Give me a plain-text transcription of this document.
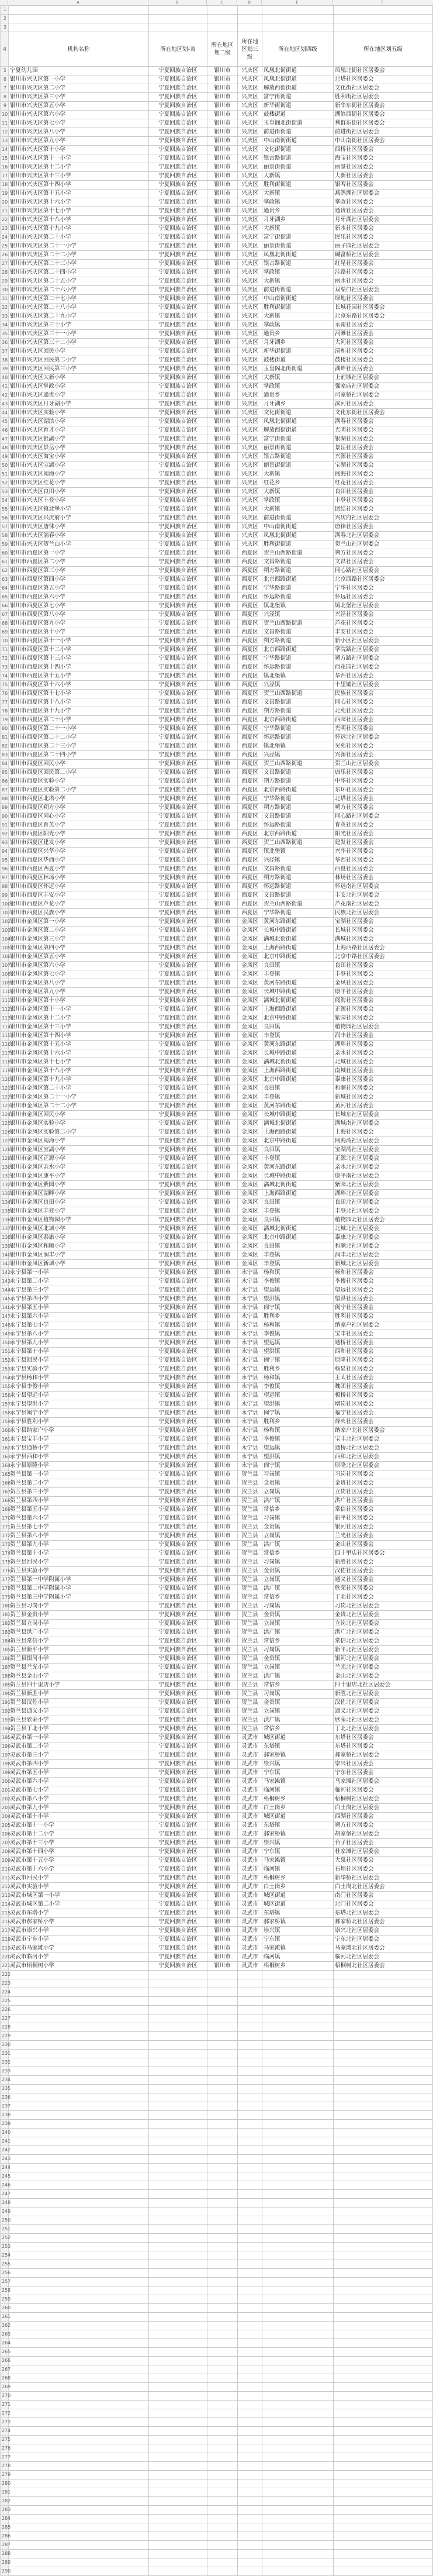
A	B	C	D	E	F
1						
2						
3						
4	机构名称	所在地区划-省	所在地区划二级	所在地区划三级	所在地区划四级	所在地区划五级
5	宁夏幼儿园	宁夏回族自治区	银川市	兴庆区	凤凰北街街道	凤凰北街社区居委会
6	银川市兴庆区第一小学	宁夏回族自治区	银川市	兴庆区	凤凰北街街道	北塔社区居委会
7	银川市兴庆区第二小学	宁夏回族自治区	银川市	兴庆区	解放西街街道	文化街社区居委会
8	银川市兴庆区第三小学	宁夏回族自治区	银川市	兴庆区	富宁街街道	胜利街社区居委会
9	银川市兴庆区第五小学	宁夏回族自治区	银川市	兴庆区	新华街街道	新华东街社区居委会
10	银川市兴庆区第六小学	宁夏回族自治区	银川市	兴庆区	鼓楼街道	湖滨西街社区居委会
11	银川市兴庆区第七小学	宁夏回族自治区	银川市	兴庆区	玉皇阁北街街道	利群东街社区居委会
12	银川市兴庆区第八小学	宁夏回族自治区	银川市	兴庆区	前进街街道	前进街社区居委会
13	银川市兴庆区第九小学	宁夏回族自治区	银川市	兴庆区	中山南街街道	中山南街社区居委会
14	银川市兴庆区第十小学	宁夏回族自治区	银川市	兴庆区	文化街街道	西桥社区居委会
15	银川市兴庆区第十一小学	宁夏回族自治区	银川市	兴庆区	银古路街道	海宝社区居委会
16	银川市兴庆区第十二小学	宁夏回族自治区	银川市	兴庆区	丽景街街道	丽景社区居委会
17	银川市兴庆区第十三小学	宁夏回族自治区	银川市	兴庆区	大新镇	大新社区居委会
18	银川市兴庆区第十四小学	宁夏回族自治区	银川市	兴庆区	胜利街街道	银啤社区居委会
19	银川市兴庆区第十五小学	宁夏回族自治区	银川市	兴庆区	大新镇	燕鸽湖社区居委会
20	银川市兴庆区第十六小学	宁夏回族自治区	银川市	兴庆区	掌政镇	掌政社区居委会
21	银川市兴庆区第十七小学	宁夏回族自治区	银川市	兴庆区	通贵乡	通贵社区居委会
22	银川市兴庆区第十八小学	宁夏回族自治区	银川市	兴庆区	月牙湖乡	月牙湖社区居委会
23	银川市兴庆区第十九小学	宁夏回族自治区	银川市	兴庆区	大新镇	新水社区居委会
24	银川市兴庆区第二十小学	宁夏回族自治区	银川市	兴庆区	富宁街街道	民乐社区居委会
25	银川市兴庆区第二十一小学	宁夏回族自治区	银川市	兴庆区	丽景街街道	丽子园社区居委会
26	银川市兴庆区第二十二小学	宁夏回族自治区	银川市	兴庆区	凤凰北街街道	碱富桥社区居委会
27	银川市兴庆区第二十三小学	宁夏回族自治区	银川市	兴庆区	银古路街道	红星社区居委会
28	银川市兴庆区第二十四小学	宁夏回族自治区	银川市	兴庆区	掌政镇	洼路社区居委会
29	银川市兴庆区第二十五小学	宁夏回族自治区	银川市	兴庆区	大新镇	丽水社区居委会
30	银川市兴庆区第二十六小学	宁夏回族自治区	银川市	兴庆区	前进街街道	双渠口社区居委会
31	银川市兴庆区第二十七小学	宁夏回族自治区	银川市	兴庆区	中山南街街道	绿地社区居委会
32	银川市兴庆区第二十八小学	宁夏回族自治区	银川市	兴庆区	胜利街街道	长城花园社区居委会
33	银川市兴庆区第二十九小学	宁夏回族自治区	银川市	兴庆区	大新镇	北京东路社区居委会
34	银川市兴庆区第三十小学	宁夏回族自治区	银川市	兴庆区	掌政镇	永南社区居委会
35	银川市兴庆区第三十一小学	宁夏回族自治区	银川市	兴庆区	通贵乡	河滩社区居委会
36	银川市兴庆区第三十二小学	宁夏回族自治区	银川市	兴庆区	月牙湖乡	大河社区居委会
37	银川市兴庆区回民小学	宁夏回族自治区	银川市	兴庆区	新华街街道	清和社区居委会
38	银川市兴庆区回民第二小学	宁夏回族自治区	银川市	兴庆区	鼓楼街道	鼓楼社区居委会
39	银川市兴庆区回民第三小学	宁夏回族自治区	银川市	兴庆区	玉皇阁北街街道	湖畔社区居委会
40	银川市兴庆区大新小学	宁夏回族自治区	银川市	兴庆区	大新镇	上前城社区居委会
41	银川市兴庆区掌政小学	宁夏回族自治区	银川市	兴庆区	掌政镇	强家庙社区居委会
42	银川市兴庆区通贵小学	宁夏回族自治区	银川市	兴庆区	通贵乡	司家桥社区居委会
43	银川市兴庆区月牙湖小学	宁夏回族自治区	银川市	兴庆区	月牙湖乡	滨河社区居委会
44	银川市兴庆区实验小学	宁夏回族自治区	银川市	兴庆区	文化街街道	文化东街社区居委会
45	银川市兴庆区湖滨小学	宁夏回族自治区	银川市	兴庆区	凤凰北街街道	满春社区居委会
46	银川市兴庆区育才小学	宁夏回族自治区	银川市	兴庆区	解放西街街道	光明社区居委会
47	银川市兴庆区银湖小学	宁夏回族自治区	银川市	兴庆区	富宁街街道	银湖社区居委会
48	银川市兴庆区景岳小学	宁夏回族自治区	银川市	兴庆区	丽景街街道	景岳社区居委会
49	银川市兴庆区海宝小学	宁夏回族自治区	银川市	兴庆区	银古路街道	兴源社区居委会
50	银川市兴庆区宝湖小学	宁夏回族自治区	银川市	兴庆区	丽景街街道	宝湖社区居委会
51	银川市兴庆区阅海小学	宁夏回族自治区	银川市	兴庆区	大新镇	阅海社区居委会
52	银川市兴庆区红花小学	宁夏回族自治区	银川市	兴庆区	红花乡	红花社区居委会
53	银川市兴庆区良田小学	宁夏回族自治区	银川市	兴庆区	大新镇	良田社区居委会
54	银川市兴庆区丰登小学	宁夏回族自治区	银川市	兴庆区	掌政镇	丰登社区居委会
55	银川市兴庆区镇北堡小学	宁夏回族自治区	银川市	兴庆区	大新镇	团结社区居委会
56	银川市兴庆区兴庆府小学	宁夏回族自治区	银川市	兴庆区	前进街街道	兴庆府社区居委会
57	银川市兴庆区唐徕小学	宁夏回族自治区	银川市	兴庆区	中山南街街道	唐徕社区居委会
58	银川市兴庆区满春小学	宁夏回族自治区	银川市	兴庆区	凤凰北街街道	满春北社区居委会
59	银川市兴庆区贺兰山小学	宁夏回族自治区	银川市	兴庆区	胜利街街道	贺兰山社区居委会
60	银川市西夏区第一小学	宁夏回族自治区	银川市	西夏区	贺兰山西路街道	朔方社区居委会
61	银川市西夏区第二小学	宁夏回族自治区	银川市	西夏区	文昌路街道	文昌社区居委会
62	银川市西夏区第三小学	宁夏回族自治区	银川市	西夏区	朔方路街道	同心路社区居委会
63	银川市西夏区第四小学	宁夏回族自治区	银川市	西夏区	北京西路街道	北京西路社区居委会
64	银川市西夏区第五小学	宁夏回族自治区	银川市	西夏区	宁华路街道	宁华社区居委会
65	银川市西夏区第六小学	宁夏回族自治区	银川市	西夏区	怀远路街道	怀远社区居委会
66	银川市西夏区第七小学	宁夏回族自治区	银川市	西夏区	镇北堡镇	镇北堡社区居委会
67	银川市西夏区第八小学	宁夏回族自治区	银川市	西夏区	兴泾镇	兴泾社区居委会
68	银川市西夏区第九小学	宁夏回族自治区	银川市	西夏区	贺兰山西路街道	芦花社区居委会
69	银川市西夏区第十小学	宁夏回族自治区	银川市	西夏区	文昌路街道	丰安社区居委会
70	银川市西夏区第十一小学	宁夏回族自治区	银川市	西夏区	朔方路街道	新小区社区居委会
71	银川市西夏区第十二小学	宁夏回族自治区	银川市	西夏区	北京西路街道	学院路社区居委会
72	银川市西夏区第十三小学	宁夏回族自治区	银川市	西夏区	宁华路街道	朔方路社区居委会
73	银川市西夏区第十四小学	宁夏回族自治区	银川市	西夏区	怀远路街道	西花园社区居委会
74	银川市西夏区第十五小学	宁夏回族自治区	银川市	西夏区	镇北堡镇	华西社区居委会
75	银川市西夏区第十六小学	宁夏回族自治区	银川市	西夏区	兴泾镇	十里铺社区居委会
76	银川市西夏区第十七小学	宁夏回族自治区	银川市	西夏区	贺兰山西路街道	民族社区居委会
77	银川市西夏区第十八小学	宁夏回族自治区	银川市	西夏区	文昌路街道	同心社区居委会
78	银川市西夏区第十九小学	宁夏回族自治区	银川市	西夏区	朔方路街道	北苑社区居委会
79	银川市西夏区第二十小学	宁夏回族自治区	银川市	西夏区	北京西路街道	西园社区居委会
80	银川市西夏区第二十一小学	宁夏回族自治区	银川市	西夏区	宁华路街道	光明社区居委会
81	银川市西夏区第二十二小学	宁夏回族自治区	银川市	西夏区	怀远路街道	怀远北社区居委会
82	银川市西夏区第二十三小学	宁夏回族自治区	银川市	西夏区	镇北堡镇	吴苑社区居委会
83	银川市西夏区第二十四小学	宁夏回族自治区	银川市	西夏区	兴泾镇	兴源社区居委会
84	银川市西夏区回民小学	宁夏回族自治区	银川市	西夏区	贺兰山西路街道	贺兰山社区居委会
85	银川市西夏区回民第二小学	宁夏回族自治区	银川市	西夏区	文昌路街道	康乐社区居委会
86	银川市西夏区实验小学	宁夏回族自治区	银川市	西夏区	朔方路街道	中华社区居委会
87	银川市西夏区实验第二小学	宁夏回族自治区	银川市	西夏区	北京西路街道	东环社区居委会
88	银川市西夏区北塔小学	宁夏回族自治区	银川市	西夏区	宁华路街道	北塔社区居委会
89	银川市西夏区朔方小学	宁夏回族自治区	银川市	西夏区	朔方路街道	朔方社区居委会
90	银川市西夏区同心小学	宁夏回族自治区	银川市	西夏区	文昌路街道	同心路社区居委会
91	银川市西夏区育英小学	宁夏回族自治区	银川市	西夏区	怀远路街道	育英社区居委会
92	银川市西夏区阳光小学	宁夏回族自治区	银川市	西夏区	北京西路街道	阳光社区居委会
93	银川市西夏区建发小学	宁夏回族自治区	银川市	西夏区	贺兰山西路街道	建发社区居委会
94	银川市西夏区兴华小学	宁夏回族自治区	银川市	西夏区	镇北堡镇	兴华社区居委会
95	银川市西夏区华西小学	宁夏回族自治区	银川市	西夏区	兴泾镇	华西社区居委会
96	银川市西夏区西夏小学	宁夏回族自治区	银川市	西夏区	文昌路街道	西夏社区居委会
97	银川市西夏区林场小学	宁夏回族自治区	银川市	西夏区	朔方路街道	林场社区居委会
98	银川市西夏区怀远小学	宁夏回族自治区	银川市	西夏区	怀远路街道	怀远南社区居委会
99	银川市西夏区丰安小学	宁夏回族自治区	银川市	西夏区	文昌路街道	丰安北社区居委会
100	银川市西夏区芦花小学	宁夏回族自治区	银川市	西夏区	贺兰山西路街道	芦花南社区居委会
101	银川市西夏区民族小学	宁夏回族自治区	银川市	西夏区	宁华路街道	民族北社区居委会
102	银川市金凤区第一小学	宁夏回族自治区	银川市	金凤区	黄河东路街道	宝湖社区居委会
103	银川市金凤区第二小学	宁夏回族自治区	银川市	金凤区	长城中路街道	长城社区居委会
104	银川市金凤区第三小学	宁夏回族自治区	银川市	金凤区	满城北街街道	满城社区居委会
105	银川市金凤区第四小学	宁夏回族自治区	银川市	金凤区	上海西路街道	上海西路社区居委会
106	银川市金凤区第五小学	宁夏回族自治区	银川市	金凤区	北京中路街道	北京中路社区居委会
107	银川市金凤区第六小学	宁夏回族自治区	银川市	金凤区	良田镇	良田社区居委会
108	银川市金凤区第七小学	宁夏回族自治区	银川市	金凤区	丰登镇	丰登社区居委会
109	银川市金凤区第八小学	宁夏回族自治区	银川市	金凤区	黄河东路街道	金凤社区居委会
110	银川市金凤区第九小学	宁夏回族自治区	银川市	金凤区	长城中路街道	康平社区居委会
111	银川市金凤区第十小学	宁夏回族自治区	银川市	金凤区	满城北街街道	阅海社区居委会
112	银川市金凤区第十一小学	宁夏回族自治区	银川市	金凤区	上海西路街道	正源社区居委会
113	银川市金凤区第十二小学	宁夏回族自治区	银川市	金凤区	北京中路街道	紫园社区居委会
114	银川市金凤区第十三小学	宁夏回族自治区	银川市	金凤区	良田镇	植物园社区居委会
115	银川市金凤区第十四小学	宁夏回族自治区	银川市	金凤区	丰登镇	润丰社区居委会
116	银川市金凤区第十五小学	宁夏回族自治区	银川市	金凤区	黄河东路街道	湖畔社区居委会
117	银川市金凤区第十六小学	宁夏回族自治区	银川市	金凤区	长城中路街道	亲水社区居委会
118	银川市金凤区第十七小学	宁夏回族自治区	银川市	金凤区	满城北街街道	北城社区居委会
119	银川市金凤区第十八小学	宁夏回族自治区	银川市	金凤区	上海西路街道	南城社区居委会
120	银川市金凤区第十九小学	宁夏回族自治区	银川市	金凤区	北京中路街道	泰康社区居委会
121	银川市金凤区第二十小学	宁夏回族自治区	银川市	金凤区	良田镇	和顺社区居委会
122	银川市金凤区第二十一小学	宁夏回族自治区	银川市	金凤区	丰登镇	新城社区居委会
123	银川市金凤区第二十二小学	宁夏回族自治区	银川市	金凤区	黄河东路街道	黄河社区居委会
124	银川市金凤区回民小学	宁夏回族自治区	银川市	金凤区	长城中路街道	长城东社区居委会
125	银川市金凤区实验小学	宁夏回族自治区	银川市	金凤区	满城北街街道	满城南社区居委会
126	银川市金凤区实验第二小学	宁夏回族自治区	银川市	金凤区	上海西路街道	上海社区居委会
127	银川市金凤区阅海小学	宁夏回族自治区	银川市	金凤区	北京中路街道	阅海湾社区居委会
128	银川市金凤区宝湖小学	宁夏回族自治区	银川市	金凤区	良田镇	宝湖湾社区居委会
129	银川市金凤区正源小学	宁夏回族自治区	银川市	金凤区	丰登镇	正源北社区居委会
130	银川市金凤区亲水小学	宁夏回族自治区	银川市	金凤区	黄河东路街道	亲水北社区居委会
131	银川市金凤区康平小学	宁夏回族自治区	银川市	金凤区	长城中路街道	康平南社区居委会
132	银川市金凤区紫园小学	宁夏回族自治区	银川市	金凤区	满城北街街道	紫园北社区居委会
133	银川市金凤区湖畔小学	宁夏回族自治区	银川市	金凤区	上海西路街道	湖畔北社区居委会
134	银川市金凤区良田小学	宁夏回族自治区	银川市	金凤区	良田镇	良田北社区居委会
135	银川市金凤区丰登小学	宁夏回族自治区	银川市	金凤区	丰登镇	丰登北社区居委会
136	银川市金凤区植物园小学	宁夏回族自治区	银川市	金凤区	良田镇	植物园北社区居委会
137	银川市金凤区北城小学	宁夏回族自治区	银川市	金凤区	满城北街街道	北城北社区居委会
138	银川市金凤区泰康小学	宁夏回族自治区	银川市	金凤区	北京中路街道	泰康北社区居委会
139	银川市金凤区和顺小学	宁夏回族自治区	银川市	金凤区	良田镇	和顺北社区居委会
140	银川市金凤区润丰小学	宁夏回族自治区	银川市	金凤区	丰登镇	润丰北社区居委会
141	银川市金凤区新城小学	宁夏回族自治区	银川市	金凤区	丰登镇	新城北社区居委会
142	永宁县第一小学	宁夏回族自治区	银川市	永宁县	杨和镇	杨和社区居委会
143	永宁县第二小学	宁夏回族自治区	银川市	永宁县	李俊镇	李俊社区居委会
144	永宁县第三小学	宁夏回族自治区	银川市	永宁县	望远镇	望远社区居委会
145	永宁县第四小学	宁夏回族自治区	银川市	永宁县	望洪镇	望洪社区居委会
146	永宁县第五小学	宁夏回族自治区	银川市	永宁县	闽宁镇	闽宁社区居委会
147	永宁县第六小学	宁夏回族自治区	银川市	永宁县	胜利乡	胜利社区居委会
148	永宁县第七小学	宁夏回族自治区	银川市	永宁县	杨和镇	纳家户社区居委会
149	永宁县第八小学	宁夏回族自治区	银川市	永宁县	李俊镇	宝丰社区居委会
150	永宁县第九小学	宁夏回族自治区	银川市	永宁县	望远镇	通桥社区居委会
151	永宁县第十小学	宁夏回族自治区	银川市	永宁县	望洪镇	西和社区居委会
152	永宁县回民小学	宁夏回族自治区	银川市	永宁县	闽宁镇	原隆社区居委会
153	永宁县实验小学	宁夏回族自治区	银川市	永宁县	胜利乡	杨显社区居委会
154	永宁县杨和小学	宁夏回族自治区	银川市	永宁县	杨和镇	王太社区居委会
155	永宁县李俊小学	宁夏回族自治区	银川市	永宁县	李俊镇	魏团社区居委会
156	永宁县望远小学	宁夏回族自治区	银川市	永宁县	望远镇	板桥社区居委会
157	永宁县望洪小学	宁夏回族自治区	银川市	永宁县	望洪镇	增岗社区居委会
158	永宁县闽宁小学	宁夏回族自治区	银川市	永宁县	闽宁镇	福宁社区居委会
159	永宁县胜利小学	宁夏回族自治区	银川市	永宁县	胜利乡	烽火社区居委会
160	永宁县纳家户小学	宁夏回族自治区	银川市	永宁县	杨和镇	纳家户北社区居委会
161	永宁县宝丰小学	宁夏回族自治区	银川市	永宁县	李俊镇	宝丰北社区居委会
162	永宁县通桥小学	宁夏回族自治区	银川市	永宁县	望远镇	通桥北社区居委会
163	永宁县西和小学	宁夏回族自治区	银川市	永宁县	望洪镇	西和北社区居委会
164	永宁县原隆小学	宁夏回族自治区	银川市	永宁县	闽宁镇	原隆北社区居委会
165	贺兰县第一小学	宁夏回族自治区	银川市	贺兰县	习岗镇	习岗社区居委会
166	贺兰县第二小学	宁夏回族自治区	银川市	贺兰县	金贵镇	金贵社区居委会
167	贺兰县第三小学	宁夏回族自治区	银川市	贺兰县	立岗镇	立岗社区居委会
168	贺兰县第四小学	宁夏回族自治区	银川市	贺兰县	洪广镇	洪广社区居委会
169	贺兰县第五小学	宁夏回族自治区	银川市	贺兰县	常信乡	常信社区居委会
170	贺兰县第六小学	宁夏回族自治区	银川市	贺兰县	习岗镇	新平社区居委会
171	贺兰县第七小学	宁夏回族自治区	银川市	贺兰县	金贵镇	银河社区居委会
172	贺兰县第八小学	宁夏回族自治区	银川市	贺兰县	立岗镇	兰光社区居委会
173	贺兰县第九小学	宁夏回族自治区	银川市	贺兰县	洪广镇	金山社区居委会
174	贺兰县第十小学	宁夏回族自治区	银川市	贺兰县	常信乡	四十里店社区居委会
175	贺兰县回民小学	宁夏回族自治区	银川市	贺兰县	习岗镇	新胜社区居委会
176	贺兰县实验小学	宁夏回族自治区	银川市	贺兰县	金贵镇	汉佐社区居委会
177	贺兰县第一中学附属小学	宁夏回族自治区	银川市	贺兰县	立岗镇	通义社区居委会
178	贺兰县第二中学附属小学	宁夏回族自治区	银川市	贺兰县	洪广镇	欣荣社区居委会
179	贺兰县第三中学附属小学	宁夏回族自治区	银川市	贺兰县	常信乡	丁北社区居委会
180	贺兰县习岗小学	宁夏回族自治区	银川市	贺兰县	习岗镇	习岗北社区居委会
181	贺兰县金贵小学	宁夏回族自治区	银川市	贺兰县	金贵镇	金贵北社区居委会
182	贺兰县立岗小学	宁夏回族自治区	银川市	贺兰县	立岗镇	立岗北社区居委会
183	贺兰县洪广小学	宁夏回族自治区	银川市	贺兰县	洪广镇	洪广北社区居委会
184	贺兰县常信小学	宁夏回族自治区	银川市	贺兰县	常信乡	常信北社区居委会
185	贺兰县新平小学	宁夏回族自治区	银川市	贺兰县	习岗镇	新平北社区居委会
186	贺兰县银河小学	宁夏回族自治区	银川市	贺兰县	金贵镇	银河北社区居委会
187	贺兰县兰光小学	宁夏回族自治区	银川市	贺兰县	立岗镇	兰光北社区居委会
188	贺兰县金山小学	宁夏回族自治区	银川市	贺兰县	洪广镇	金山北社区居委会
189	贺兰县四十里店小学	宁夏回族自治区	银川市	贺兰县	常信乡	四十里店北社区居委会
190	贺兰县新胜小学	宁夏回族自治区	银川市	贺兰县	习岗镇	新胜北社区居委会
191	贺兰县汉佐小学	宁夏回族自治区	银川市	贺兰县	金贵镇	汉佐北社区居委会
192	贺兰县通义小学	宁夏回族自治区	银川市	贺兰县	立岗镇	通义北社区居委会
193	贺兰县欣荣小学	宁夏回族自治区	银川市	贺兰县	洪广镇	欣荣北社区居委会
194	贺兰县丁北小学	宁夏回族自治区	银川市	贺兰县	常信乡	丁北北社区居委会
195	灵武市第一小学	宁夏回族自治区	银川市	灵武市	城区街道	东塔社区居委会
196	灵武市第二小学	宁夏回族自治区	银川市	灵武市	东塔镇	东塔社区居委会
197	灵武市第三小学	宁夏回族自治区	银川市	灵武市	郝家桥镇	郝家桥社区居委会
198	灵武市第四小学	宁夏回族自治区	银川市	灵武市	崇兴镇	崇兴社区居委会
199	灵武市第五小学	宁夏回族自治区	银川市	灵武市	宁东镇	宁东社区居委会
200	灵武市第六小学	宁夏回族自治区	银川市	灵武市	马家滩镇	马家滩社区居委会
201	灵武市第七小学	宁夏回族自治区	银川市	灵武市	临河镇	临河社区居委会
202	灵武市第八小学	宁夏回族自治区	银川市	灵武市	梧桐树乡	梧桐树社区居委会
203	灵武市第九小学	宁夏回族自治区	银川市	灵武市	白土岗乡	白土岗社区居委会
204	灵武市第十小学	宁夏回族自治区	银川市	灵武市	城区街道	西湖社区居委会
205	灵武市第十一小学	宁夏回族自治区	银川市	灵武市	东塔镇	朔方社区居委会
206	灵武市第十二小学	宁夏回族自治区	银川市	灵武市	郝家桥镇	胡家堡社区居委会
207	灵武市第十三小学	宁夏回族自治区	银川市	灵武市	崇兴镇	台子社区居委会
208	灵武市第十四小学	宁夏回族自治区	银川市	灵武市	宁东镇	杜家滩社区居委会
209	灵武市第十五小学	宁夏回族自治区	银川市	灵武市	马家滩镇	大泉社区居委会
210	灵武市第十六小学	宁夏回族自治区	银川市	灵武市	临河镇	石坝社区居委会
211	灵武市回民小学	宁夏回族自治区	银川市	灵武市	梧桐树乡	新华桥社区居委会
212	灵武市实验小学	宁夏回族自治区	银川市	灵武市	白土岗乡	白土岗北社区居委会
213	灵武市城区第一小学	宁夏回族自治区	银川市	灵武市	城区街道	南门社区居委会
214	灵武市城区第二小学	宁夏回族自治区	银川市	灵武市	城区街道	北门社区居委会
215	灵武市东塔小学	宁夏回族自治区	银川市	灵武市	东塔镇	东塔北社区居委会
216	灵武市郝家桥小学	宁夏回族自治区	银川市	灵武市	郝家桥镇	郝家桥北社区居委会
217	灵武市崇兴小学	宁夏回族自治区	银川市	灵武市	崇兴镇	崇兴北社区居委会
218	灵武市宁东小学	宁夏回族自治区	银川市	灵武市	宁东镇	宁东北社区居委会
219	灵武市马家滩小学	宁夏回族自治区	银川市	灵武市	马家滩镇	马家滩北社区居委会
220	灵武市临河小学	宁夏回族自治区	银川市	灵武市	临河镇	临河北社区居委会
221	灵武市梧桐树小学	宁夏回族自治区	银川市	灵武市	梧桐树乡	梧桐树北社区居委会
222						
223						
224						
225						
226						
227						
228						
229						
230						
231						
232						
233						
234						
235						
236						
237						
238						
239						
240						
241						
242						
243						
244						
245						
246						
247						
248						
249						
250						
251						
252						
253						
254						
255						
256						
257						
258						
259						
260						
261						
262						
263						
264						
265						
266						
267						
268						
269						
270						
271						
272						
273						
274						
275						
276						
277						
278						
279						
280						
281						
282						
283						
284						
285						
286						
287						
288						
289						
290						
